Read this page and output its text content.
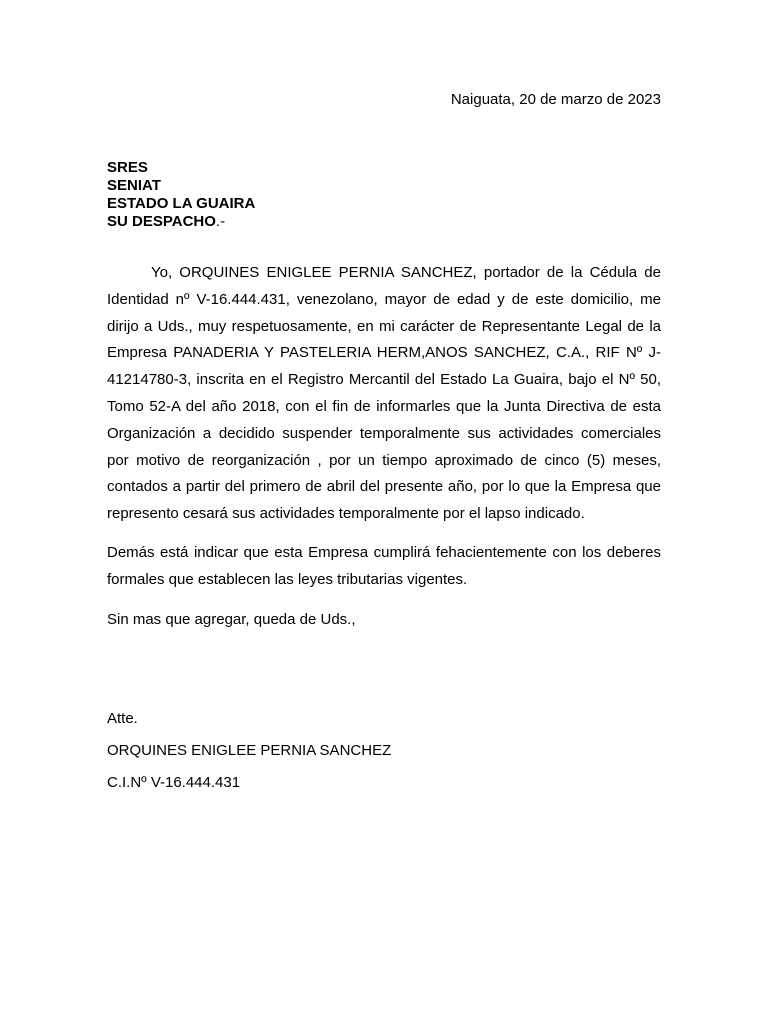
Naiguata, 20 de marzo de 2023
SRES
SENIAT
ESTADO LA GUAIRA
SU DESPACHO.-

Yo, ORQUINES ENIGLEE PERNIA SANCHEZ, portador de la Cédula de Identidad nº V-16.444.431, venezolano, mayor de edad y de este domicilio, me dirijo a Uds., muy respetuosamente, en mi carácter de Representante Legal de la Empresa PANADERIA Y PASTELERIA HERM,ANOS SANCHEZ, C.A., RIF Nº J-41214780-3, inscrita en el Registro Mercantil del Estado La Guaira, bajo el Nº 50, Tomo 52-A del año 2018, con el fin de informarles que la Junta Directiva de esta Organización a decidido suspender temporalmente sus actividades comerciales por motivo de reorganización , por un tiempo aproximado de cinco (5) meses, contados a partir del primero de abril del presente año, por lo que la Empresa que represento cesará sus actividades temporalmente por el lapso indicado.

Demás está indicar que esta Empresa cumplirá fehacientemente con los deberes formales que establecen las leyes tributarias vigentes.

Sin mas que agregar, queda de Uds.,

Atte.
ORQUINES ENIGLEE PERNIA SANCHEZ
C.I.Nº V-16.444.431
